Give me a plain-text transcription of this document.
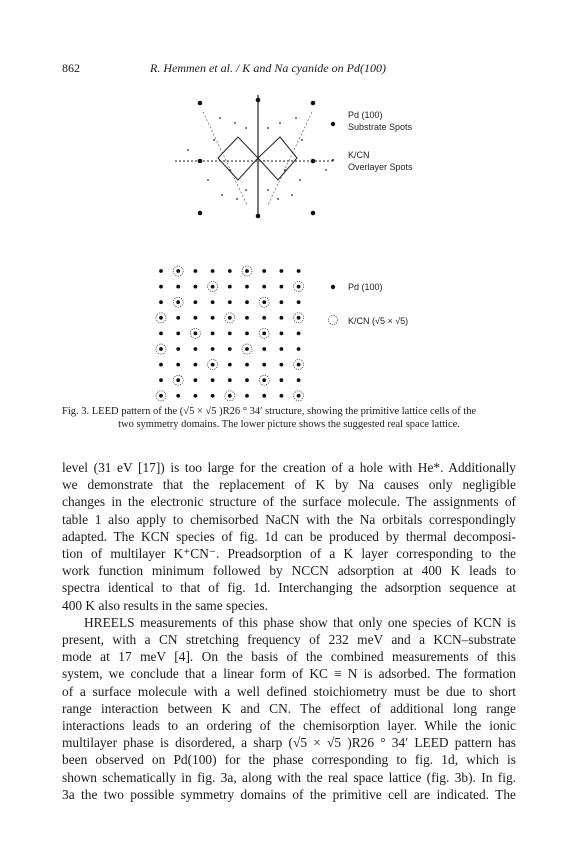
862	R. Hemmen et al. / K and Na cyanide on Pd(100)
Pd (100)
Substrate Spots
K/CN
Overlayer Spots
Pd (100)
K/CN (√5 × √5)
Fig. 3. LEED pattern of the (√5 × √5 )R26 ° 34′ structure, showing the primitive lattice cells of the
two symmetry domains. The lower picture shows the suggested real space lattice.
level (31 eV [17]) is too large for the creation of a hole with He*. Additionally
we demonstrate that the replacement of K by Na causes only negligible
changes in the electronic structure of the surface molecule. The assignments of
table 1 also apply to chemisorbed NaCN with the Na orbitals correspondingly
adapted. The KCN species of fig. 1d can be produced by thermal decomposi-
tion of multilayer K⁺CN⁻. Preadsorption of a K layer corresponding to the
work function minimum followed by NCCN adsorption at 400 K leads to
spectra identical to that of fig. 1d. Interchanging the adsorption sequence at
400 K also results in the same species.
HREELS measurements of this phase show that only one species of KCN is
present, with a CN stretching frequency of 232 meV and a KCN–substrate
mode at 17 meV [4]. On the basis of the combined measurements of this
system, we conclude that a linear form of KC ≡ N is adsorbed. The formation
of a surface molecule with a well defined stoichiometry must be due to short
range interaction between K and CN. The effect of additional long range
interactions leads to an ordering of the chemisorption layer. While the ionic
multilayer phase is disordered, a sharp (√5 × √5 )R26 ° 34′ LEED pattern has
been observed on Pd(100) for the phase corresponding to fig. 1d, which is
shown schematically in fig. 3a, along with the real space lattice (fig. 3b). In fig.
3a the two possible symmetry domains of the primitive cell are indicated. The
